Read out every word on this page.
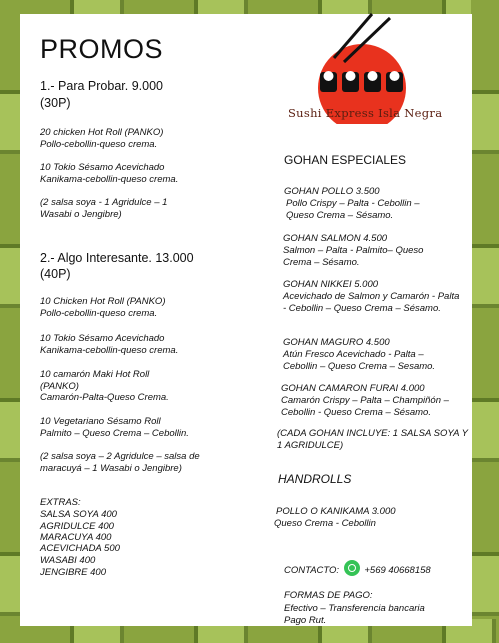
PROMOS
1.- Para Probar. 9.000
(30P)
20 chicken Hot Roll (PANKO)
Pollo-cebollin-queso crema.
10 Tokio Sésamo Acevichado
Kanikama-cebollin-queso crema.
(2 salsa soya - 1 Agridulce – 1 Wasabi o Jengibre)
2.- Algo Interesante. 13.000
(40P)
10 Chicken Hot Roll (PANKO)
Pollo-cebollin-queso crema.
10 Tokio Sésamo Acevichado
Kanikama-cebollin-queso crema.
10 camarón Maki Hot Roll (PANKO)
Camarón-Palta-Queso Crema.
10 Vegetariano Sésamo Roll
Palmito – Queso Crema – Cebollin.
(2 salsa soya – 2 Agridulce – salsa de maracuyá – 1 Wasabi o Jengibre)
EXTRAS:
SALSA SOYA 400
AGRIDULCE 400
MARACUYA 400
ACEVICHADA 500
WASABI 400
JENGIBRE 400
Sushi Express Isla Negra
GOHAN ESPECIALES
GOHAN POLLO 3.500
Pollo Crispy – Palta - Cebollin – Queso Crema – Sésamo.
GOHAN SALMON 4.500
Salmon – Palta - Palmito– Queso Crema – Sésamo.
GOHAN NIKKEI 5.000
Acevichado de Salmon y Camarón - Palta - Cebollin – Queso Crema – Sésamo.
GOHAN MAGURO 4.500
Atún Fresco Acevichado - Palta – Cebollin – Queso Crema – Sesamo.
GOHAN CAMARON FURAI 4.000
Camarón Crispy – Palta – Champiñón – Cebollin - Queso Crema – Sésamo.
(CADA GOHAN INCLUYE: 1 SALSA SOYA Y 1 AGRIDULCE)
HANDROLLS
POLLO O KANIKAMA 3.000
Queso Crema - Cebollin
CONTACTO:	+569 40668158
FORMAS DE PAGO:
Efectivo – Transferencia bancaria
Pago Rut.
